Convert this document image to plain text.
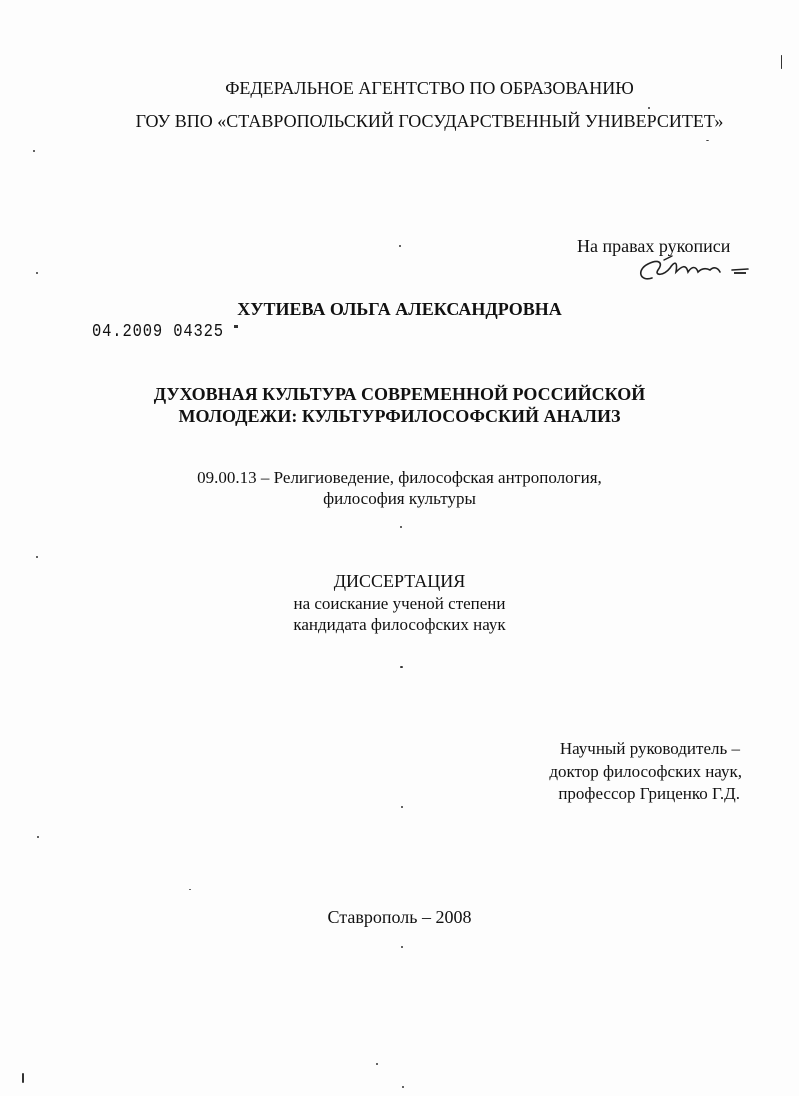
ФЕДЕРАЛЬНОЕ АГЕНТСТВО ПО ОБРАЗОВАНИЮ
ГОУ ВПО «СТАВРОПОЛЬСКИЙ ГОСУДАРСТВЕННЫЙ УНИВЕРСИТЕТ»
На правах рукописи
ХУТИЕВА ОЛЬГА АЛЕКСАНДРОВНА
04.2009 04325
ДУХОВНАЯ КУЛЬТУРА СОВРЕМЕННОЙ РОССИЙСКОЙ
МОЛОДЕЖИ: КУЛЬТУРФИЛОСОФСКИЙ АНАЛИЗ
09.00.13 – Религиоведение, философская антропология,
философия культуры
ДИССЕРТАЦИЯ
на соискание ученой степени
кандидата философских наук
Научный руководитель –
доктор философских наук,
профессор Гриценко Г.Д.
Ставрополь – 2008
